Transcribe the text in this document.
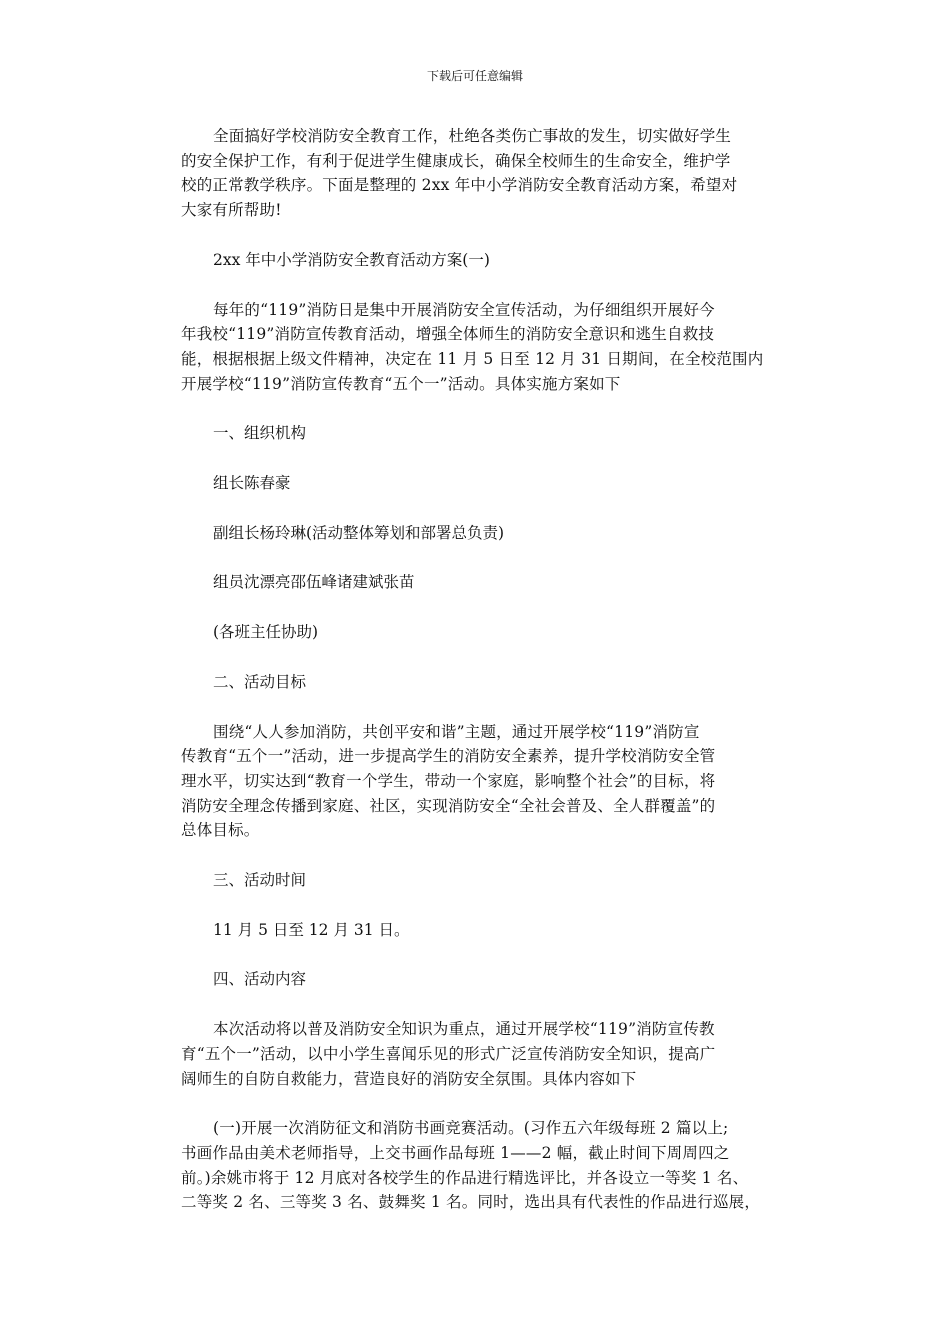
下载后可任意编辑
全面搞好学校消防安全教育工作，杜绝各类伤亡事故的发生，切实做好学生
的安全保护工作，有利于促进学生健康成长，确保全校师生的生命安全，维护学
校的正常教学秩序。下面是整理的 2xx 年中小学消防安全教育活动方案，希望对
大家有所帮助!
2xx 年中小学消防安全教育活动方案(一)
每年的“119”消防日是集中开展消防安全宣传活动，为仔细组织开展好今
年我校“119”消防宣传教育活动，增强全体师生的消防安全意识和逃生自救技
能，根据根据上级文件精神，决定在 11 月 5 日至 12 月 31 日期间，在全校范围内
开展学校“119”消防宣传教育“五个一”活动。具体实施方案如下
一、组织机构
组长陈春豪
副组长杨玲琳(活动整体筹划和部署总负责)
组员沈漂亮邵伍峰诸建斌张苗
(各班主任协助)
二、活动目标
围绕“人人参加消防，共创平安和谐”主题，通过开展学校“119”消防宣
传教育“五个一”活动，进一步提高学生的消防安全素养，提升学校消防安全管
理水平，切实达到“教育一个学生，带动一个家庭，影响整个社会”的目标，将
消防安全理念传播到家庭、社区，实现消防安全“全社会普及、全人群覆盖”的
总体目标。
三、活动时间
11 月 5 日至 12 月 31 日。
四、活动内容
本次活动将以普及消防安全知识为重点，通过开展学校“119”消防宣传教
育“五个一”活动，以中小学生喜闻乐见的形式广泛宣传消防安全知识，提高广
阔师生的自防自救能力，营造良好的消防安全氛围。具体内容如下
(一)开展一次消防征文和消防书画竞赛活动。(习作五六年级每班 2 篇以上;
书画作品由美术老师指导，上交书画作品每班 1——2 幅，截止时间下周周四之
前。)余姚市将于 12 月底对各校学生的作品进行精选评比，并各设立一等奖 1 名、
二等奖 2 名、三等奖 3 名、鼓舞奖 1 名。同时，选出具有代表性的作品进行巡展，
